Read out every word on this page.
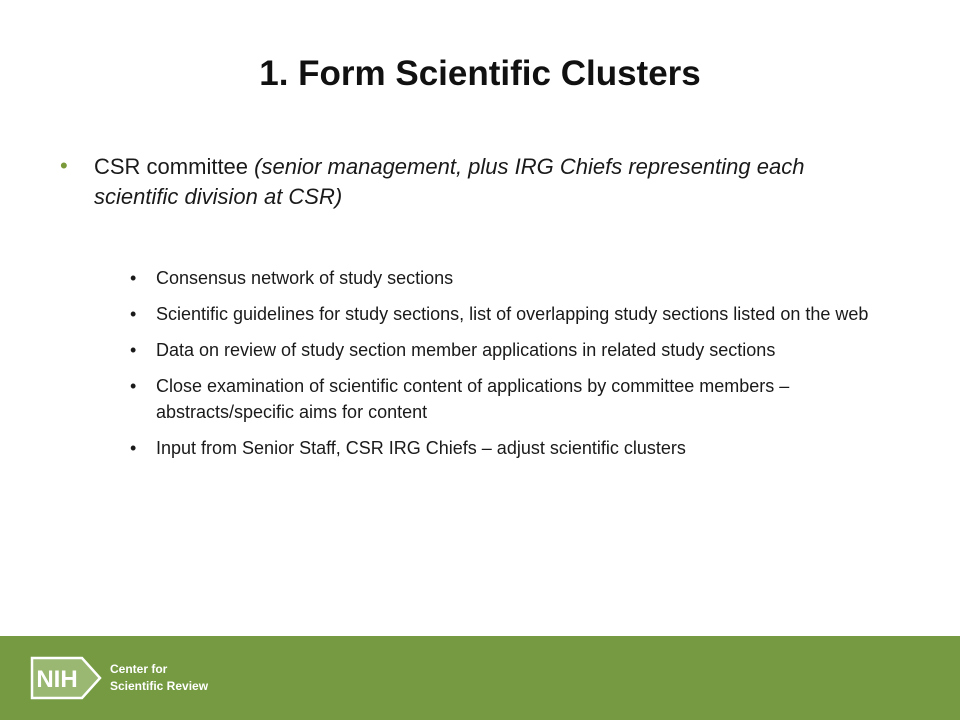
1. Form Scientific Clusters
• CSR committee (senior management, plus IRG Chiefs representing each scientific division at CSR)
• Consensus network of study sections
• Scientific guidelines for study sections, list of overlapping study sections listed on the web
• Data on review of study section member applications in related study sections
• Close examination of scientific content of applications by committee members – abstracts/specific aims for content
• Input from Senior Staff, CSR IRG Chiefs – adjust scientific clusters
NIH	Center for
Scientific Review
